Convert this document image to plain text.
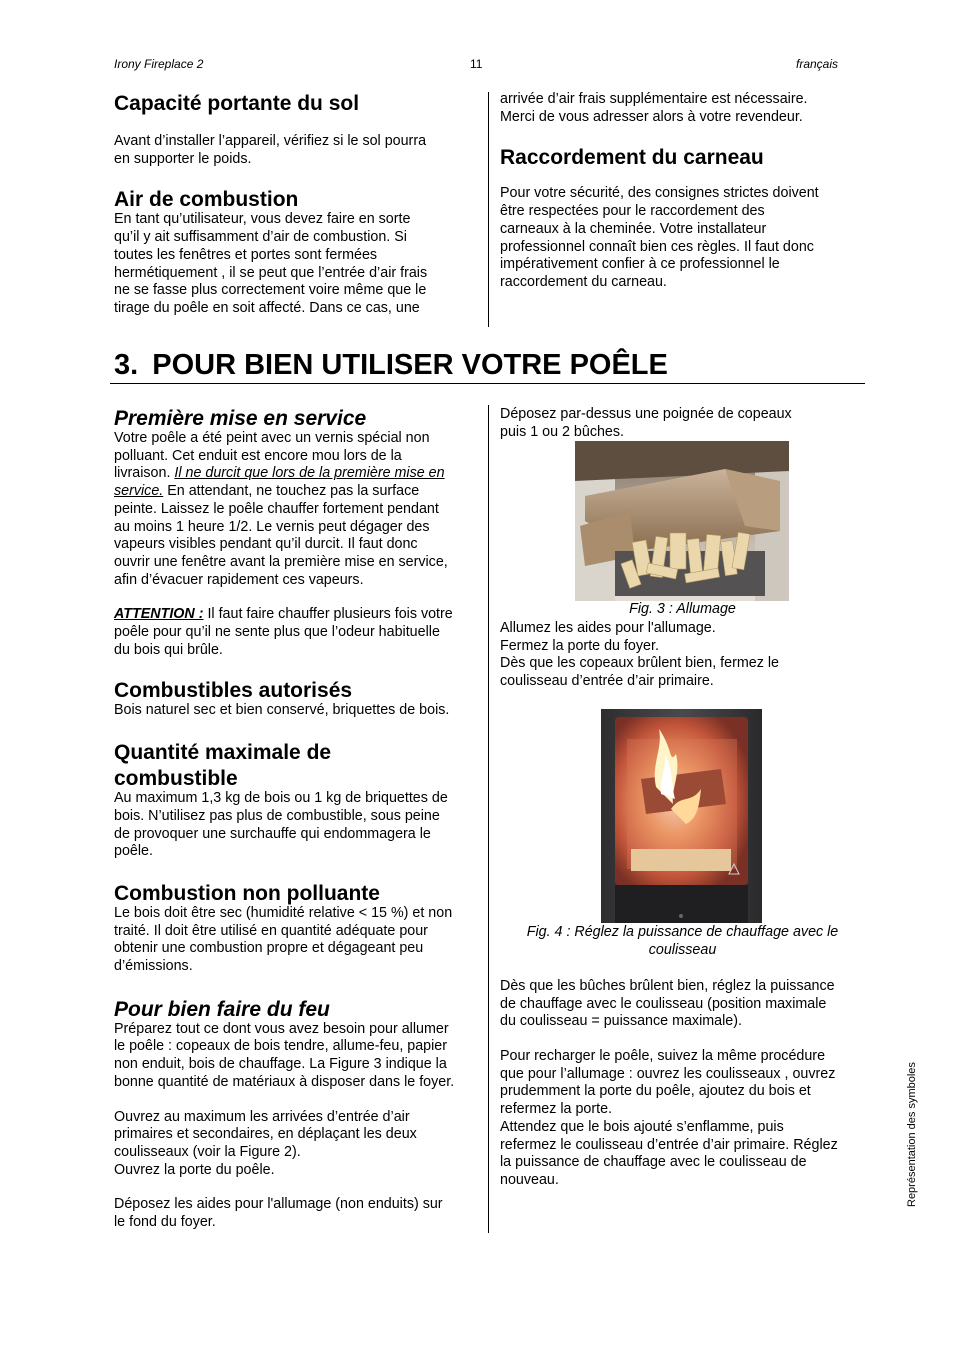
Irony Fireplace 2	11	français
Capacité portante du sol
Avant d’installer l’appareil, vérifiez si le sol pourra
en supporter le poids.
Air de combustion
En tant qu’utilisateur, vous devez faire en sorte
qu’il y ait suffisamment d’air de combustion. Si
toutes les fenêtres et portes sont fermées
hermétiquement , il se peut que l’entrée d’air frais
ne se fasse plus correctement voire même que le
tirage du poêle en soit affecté. Dans ce cas, une
arrivée d’air frais supplémentaire est nécessaire.
Merci de vous adresser alors à votre revendeur.
Raccordement du carneau
Pour votre sécurité, des consignes strictes doivent
être respectées pour le raccordement des
carneaux à la cheminée. Votre installateur
professionnel connaît bien ces règles. Il faut donc
impérativement confier à ce professionnel le
raccordement du carneau.
3. POUR BIEN UTILISER VOTRE POÊLE
Première mise en service
Votre poêle a été peint avec un vernis spécial non
polluant. Cet enduit est encore mou lors de la
livraison. Il ne durcit que lors de la première mise en
service. En attendant, ne touchez pas la surface
peinte. Laissez le poêle chauffer fortement pendant
au moins 1 heure 1/2. Le vernis peut dégager des
vapeurs visibles pendant qu’il durcit. Il faut donc
ouvrir une fenêtre avant la première mise en service,
afin d’évacuer rapidement ces vapeurs.
ATTENTION : Il faut faire chauffer plusieurs fois votre
poêle pour qu’il ne sente plus que l’odeur habituelle
du bois qui brûle.
Combustibles autorisés
Bois naturel sec et bien conservé, briquettes de bois.
Quantité maximale de
combustible
Au maximum 1,3 kg de bois ou 1 kg de briquettes de
bois. N’utilisez pas plus de combustible, sous peine
de provoquer une surchauffe qui endommagera le
poêle.
Combustion non polluante
Le bois doit être sec (humidité relative < 15 %) et non
traité. Il doit être utilisé en quantité adéquate pour
obtenir une combustion propre et dégageant peu
d’émissions.
Pour bien faire du feu
Préparez tout ce dont vous avez besoin pour allumer
le poêle : copeaux de bois tendre, allume-feu, papier
non enduit, bois de chauffage. La Figure 3 indique la
bonne quantité de matériaux à disposer dans le foyer.
Ouvrez au maximum les arrivées d’entrée d’air
primaires et secondaires, en déplaçant les deux
coulisseaux (voir la Figure 2).
Ouvrez la porte du poêle.
Déposez les aides pour l'allumage (non enduits) sur
le fond du foyer.
Déposez par-dessus une poignée de copeaux
puis 1 ou 2 bûches.
Fig. 3 : Allumage
Allumez les aides pour l'allumage.
Fermez la porte du foyer.
Dès que les copeaux brûlent bien, fermez le
coulisseau d’entrée d’air primaire.
Fig. 4 : Réglez la puissance de chauffage avec le
coulisseau
Dès que les bûches brûlent bien, réglez la puissance
de chauffage avec le coulisseau (position maximale
du coulisseau = puissance maximale).
Pour recharger le poêle, suivez la même procédure
que pour l’allumage : ouvrez les coulisseaux , ouvrez
prudemment la porte du poêle, ajoutez du bois et
refermez la porte.
Attendez que le bois ajouté s’enflamme, puis
refermez le coulisseau d’entrée d’air primaire. Réglez
la puissance de chauffage avec le coulisseau de
nouveau.	Représentation des symboles
